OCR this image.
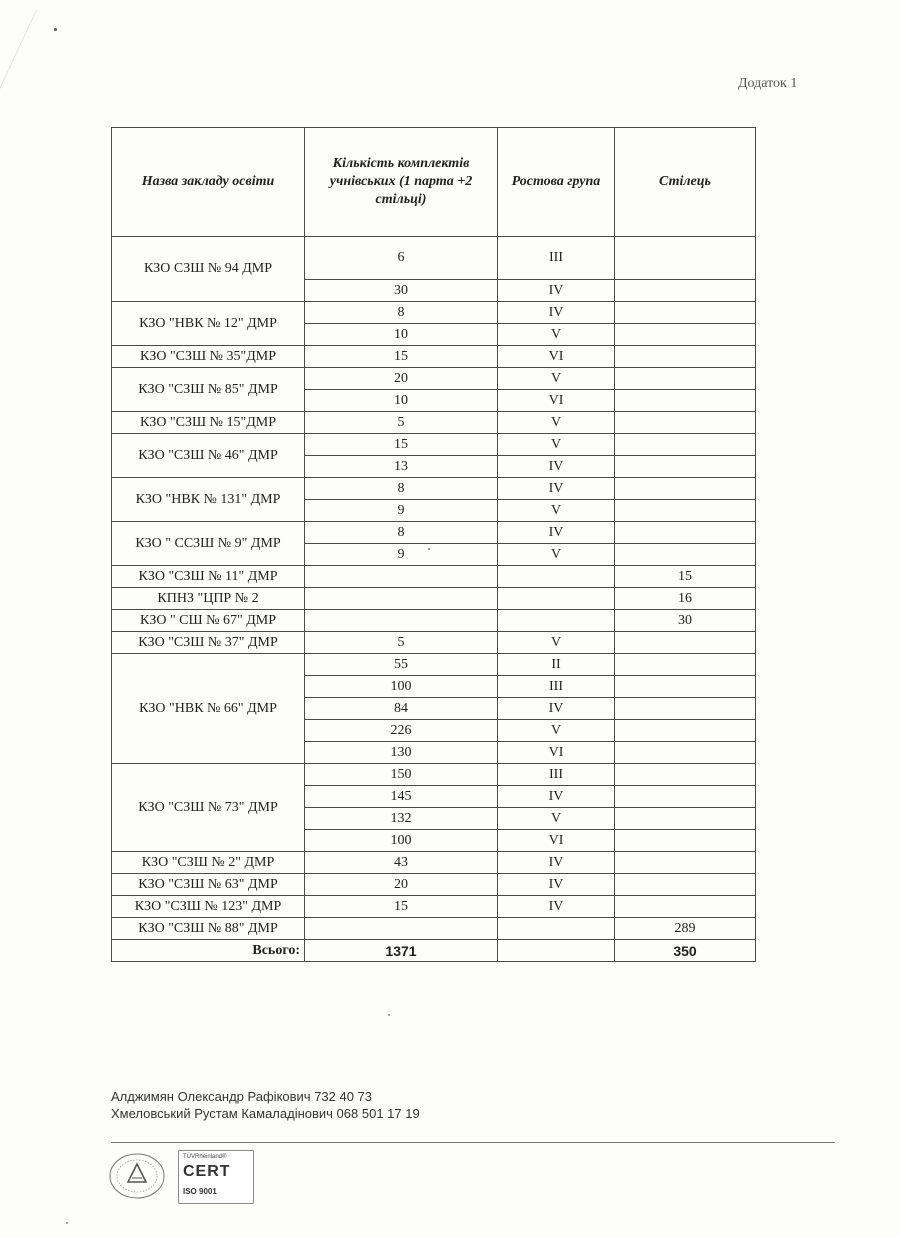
Додаток 1
Назва закладу освіти	Кількість комплектів учнівських (1 парта +2 стільці)	Ростова група	Стілець
КЗО СЗШ № 94 ДМР	6	III	
	30	IV	
КЗО "НВК № 12" ДМР	8	IV	
	10	V	
КЗО "СЗШ № 35"ДМР	15	VI	
КЗО "СЗШ № 85" ДМР	20	V	
	10	VI	
КЗО "СЗШ № 15"ДМР	5	V	
КЗО "СЗШ № 46" ДМР	15	V	
	13	IV	
КЗО "НВК № 131" ДМР	8	IV	
	9	V	
КЗО " ССЗШ № 9" ДМР	8	IV	
	9	V	
КЗО "СЗШ № 11" ДМР			15
КПНЗ "ЦПР № 2			16
КЗО " СШ № 67" ДМР			30
КЗО "СЗШ № 37" ДМР	5	V	
КЗО "НВК № 66" ДМР	55	II	
	100	III	
	84	IV	
	226	V	
	130	VI	
КЗО "СЗШ № 73" ДМР	150	III	
	145	IV	
	132	V	
	100	VI	
КЗО "СЗШ № 2" ДМР	43	IV	
КЗО "СЗШ № 63" ДМР	20	IV	
КЗО "СЗШ № 123" ДМР	15	IV	
КЗО "СЗШ № 88" ДМР			289
Всього:	1371		350
Алджимян Олександр Рафікович 732 40 73
Хмеловський Рустам Камаладінович 068 501 17 19
TÜVRheinland®
CERT
ISO 9001
